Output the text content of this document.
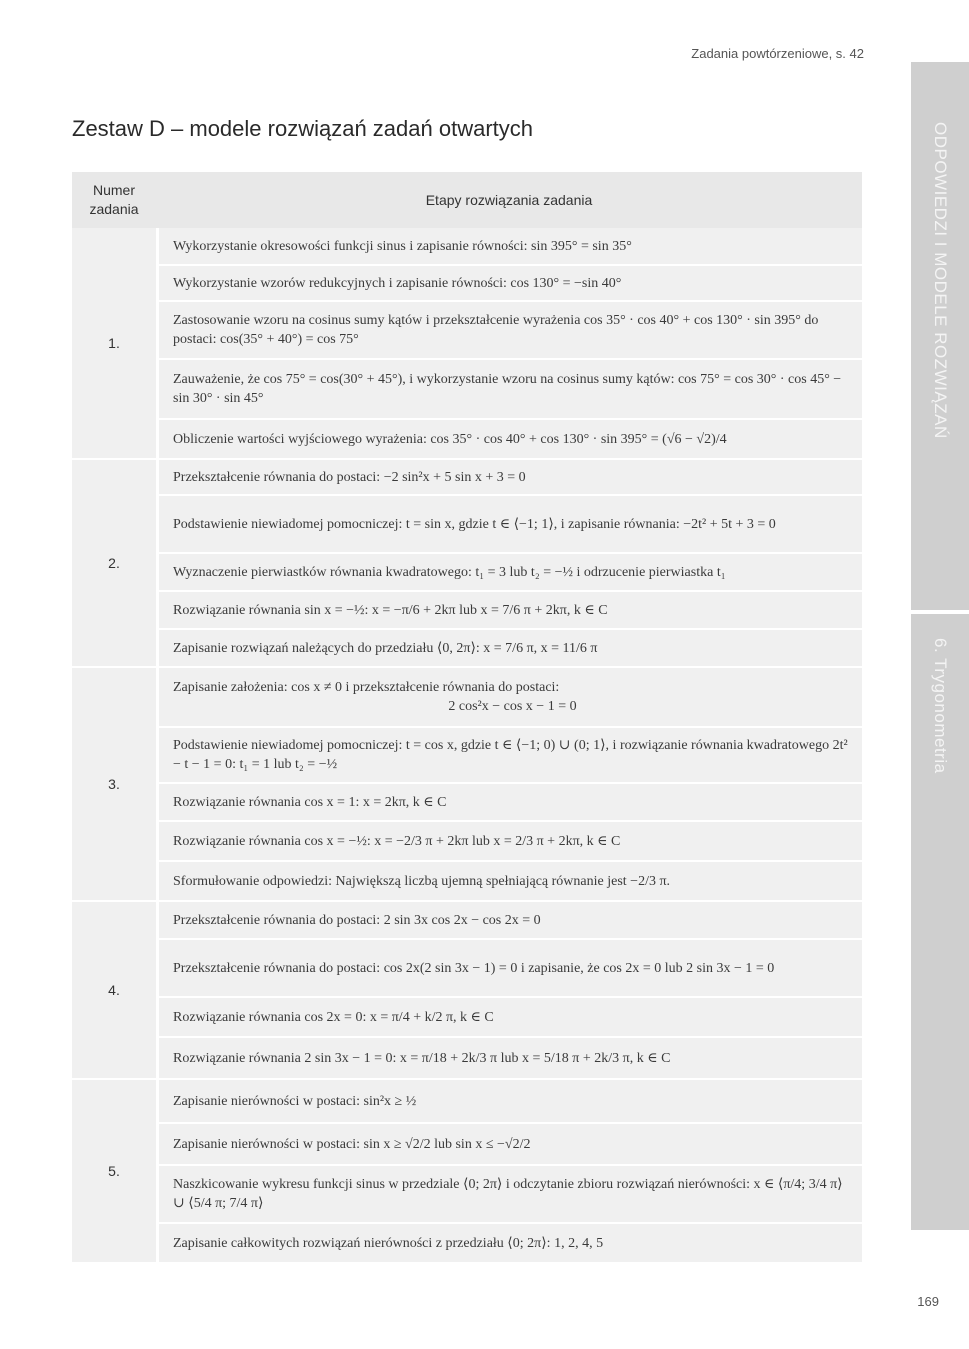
Zadania powtórzeniowe, s. 42
Zestaw D – modele rozwiązań zadań otwartych	ODPOWIEDZI I MODELE ROZWIĄZAŃ
6. Trygonometria
Numer zadania
Etapy rozwiązania zadania
1.
Wykorzystanie okresowości funkcji sinus i zapisanie równości: sin 395° = sin 35°
Wykorzystanie wzorów redukcyjnych i zapisanie równości: cos 130° = −sin 40°
Zastosowanie wzoru na cosinus sumy kątów i przekształcenie wyrażenia cos 35° · cos 40° + cos 130° · sin 395° do postaci: cos(35° + 40°) = cos 75°
Zauważenie, że cos 75° = cos(30° + 45°), i wykorzystanie wzoru na cosinus sumy kątów: cos 75° = cos 30° · cos 45° − sin 30° · sin 45°
Obliczenie wartości wyjściowego wyrażenia: cos 35° · cos 40° + cos 130° · sin 395° = (√6 − √2)/4
2.
Przekształcenie równania do postaci: −2 sin²x + 5 sin x + 3 = 0
Podstawienie niewiadomej pomocniczej: t = sin x, gdzie t ∈ ⟨−1; 1⟩, i zapisanie równania: −2t² + 5t + 3 = 0
Wyznaczenie pierwiastków równania kwadratowego: t₁ = 3 lub t₂ = −½ i odrzucenie pierwiastka t₁
Rozwiązanie równania sin x = −½: x = −π/6 + 2kπ lub x = 7/6 π + 2kπ, k ∈ C
Zapisanie rozwiązań należących do przedziału ⟨0, 2π⟩: x = 7/6 π, x = 11/6 π
3.
Zapisanie założenia: cos x ≠ 0 i przekształcenie równania do postaci:
2 cos²x − cos x − 1 = 0
Podstawienie niewiadomej pomocniczej: t = cos x, gdzie t ∈ ⟨−1; 0) ∪ (0; 1⟩, i rozwiązanie równania kwadratowego 2t² − t − 1 = 0: t₁ = 1 lub t₂ = −½
Rozwiązanie równania cos x = 1: x = 2kπ, k ∈ C
Rozwiązanie równania cos x = −½: x = −2/3 π + 2kπ lub x = 2/3 π + 2kπ, k ∈ C
Sformułowanie odpowiedzi: Największą liczbą ujemną spełniającą równanie jest −2/3 π.
4.
Przekształcenie równania do postaci: 2 sin 3x cos 2x − cos 2x = 0
Przekształcenie równania do postaci: cos 2x(2 sin 3x − 1) = 0 i zapisanie, że cos 2x = 0 lub 2 sin 3x − 1 = 0
Rozwiązanie równania cos 2x = 0: x = π/4 + k/2 π, k ∈ C
Rozwiązanie równania 2 sin 3x − 1 = 0: x = π/18 + 2k/3 π lub x = 5/18 π + 2k/3 π, k ∈ C
5.
Zapisanie nierówności w postaci: sin²x ≥ ½
Zapisanie nierówności w postaci: sin x ≥ √2/2 lub sin x ≤ −√2/2
Naszkicowanie wykresu funkcji sinus w przedziale ⟨0; 2π⟩ i odczytanie zbioru rozwiązań nierówności: x ∈ ⟨π/4; 3/4 π⟩ ∪ ⟨5/4 π; 7/4 π⟩
Zapisanie całkowitych rozwiązań nierówności z przedziału ⟨0; 2π⟩: 1, 2, 4, 5
169
